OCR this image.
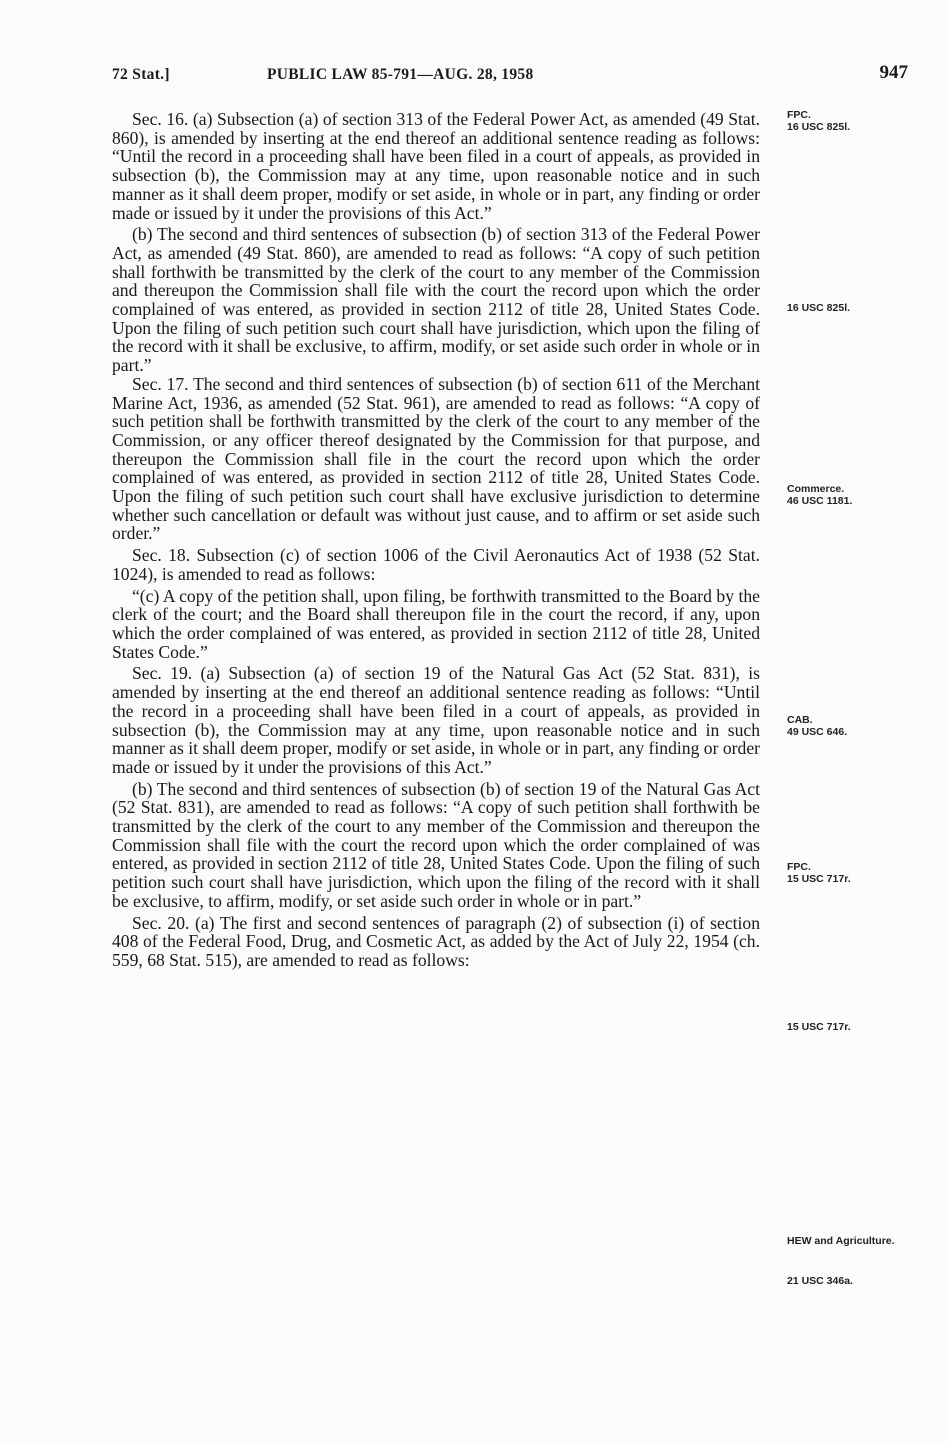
72 Stat.]	PUBLIC LAW 85-791—AUG. 28, 1958	947

Sec. 16. (a) Subsection (a) of section 313 of the Federal Power Act, as amended (49 Stat. 860), is amended by inserting at the end thereof an additional sentence reading as follows: “Until the record in a proceeding shall have been filed in a court of appeals, as provided in subsection (b), the Commission may at any time, upon reasonable notice and in such manner as it shall deem proper, modify or set aside, in whole or in part, any finding or order made or issued by it under the provisions of this Act.”

(b) The second and third sentences of subsection (b) of section 313 of the Federal Power Act, as amended (49 Stat. 860), are amended to read as follows: “A copy of such petition shall forthwith be transmitted by the clerk of the court to any member of the Commission and thereupon the Commission shall file with the court the record upon which the order complained of was entered, as provided in section 2112 of title 28, United States Code. Upon the filing of such petition such court shall have jurisdiction, which upon the filing of the record with it shall be exclusive, to affirm, modify, or set aside such order in whole or in part.”

Sec. 17. The second and third sentences of subsection (b) of section 611 of the Merchant Marine Act, 1936, as amended (52 Stat. 961), are amended to read as follows: “A copy of such petition shall be forthwith transmitted by the clerk of the court to any member of the Commission, or any officer thereof designated by the Commission for that purpose, and thereupon the Commission shall file in the court the record upon which the order complained of was entered, as provided in section 2112 of title 28, United States Code. Upon the filing of such petition such court shall have exclusive jurisdiction to determine whether such cancellation or default was without just cause, and to affirm or set aside such order.”

Sec. 18. Subsection (c) of section 1006 of the Civil Aeronautics Act of 1938 (52 Stat. 1024), is amended to read as follows:

“(c) A copy of the petition shall, upon filing, be forthwith transmitted to the Board by the clerk of the court; and the Board shall thereupon file in the court the record, if any, upon which the order complained of was entered, as provided in section 2112 of title 28, United States Code.”

Sec. 19. (a) Subsection (a) of section 19 of the Natural Gas Act (52 Stat. 831), is amended by inserting at the end thereof an additional sentence reading as follows: “Until the record in a proceeding shall have been filed in a court of appeals, as provided in subsection (b), the Commission may at any time, upon reasonable notice and in such manner as it shall deem proper, modify or set aside, in whole or in part, any finding or order made or issued by it under the provisions of this Act.”

(b) The second and third sentences of subsection (b) of section 19 of the Natural Gas Act (52 Stat. 831), are amended to read as follows: “A copy of such petition shall forthwith be transmitted by the clerk of the court to any member of the Commission and thereupon the Commission shall file with the court the record upon which the order complained of was entered, as provided in section 2112 of title 28, United States Code. Upon the filing of such petition such court shall have jurisdiction, which upon the filing of the record with it shall be exclusive, to affirm, modify, or set aside such order in whole or in part.”

Sec. 20. (a) The first and second sentences of paragraph (2) of subsection (i) of section 408 of the Federal Food, Drug, and Cosmetic Act, as added by the Act of July 22, 1954 (ch. 559, 68 Stat. 515), are amended to read as follows:

FPC.
16 USC 825l.
16 USC 825l.
Commerce.
46 USC 1181.
CAB.
49 USC 646.
FPC.
15 USC 717r.
15 USC 717r.
HEW and Agriculture.
21 USC 346a.
